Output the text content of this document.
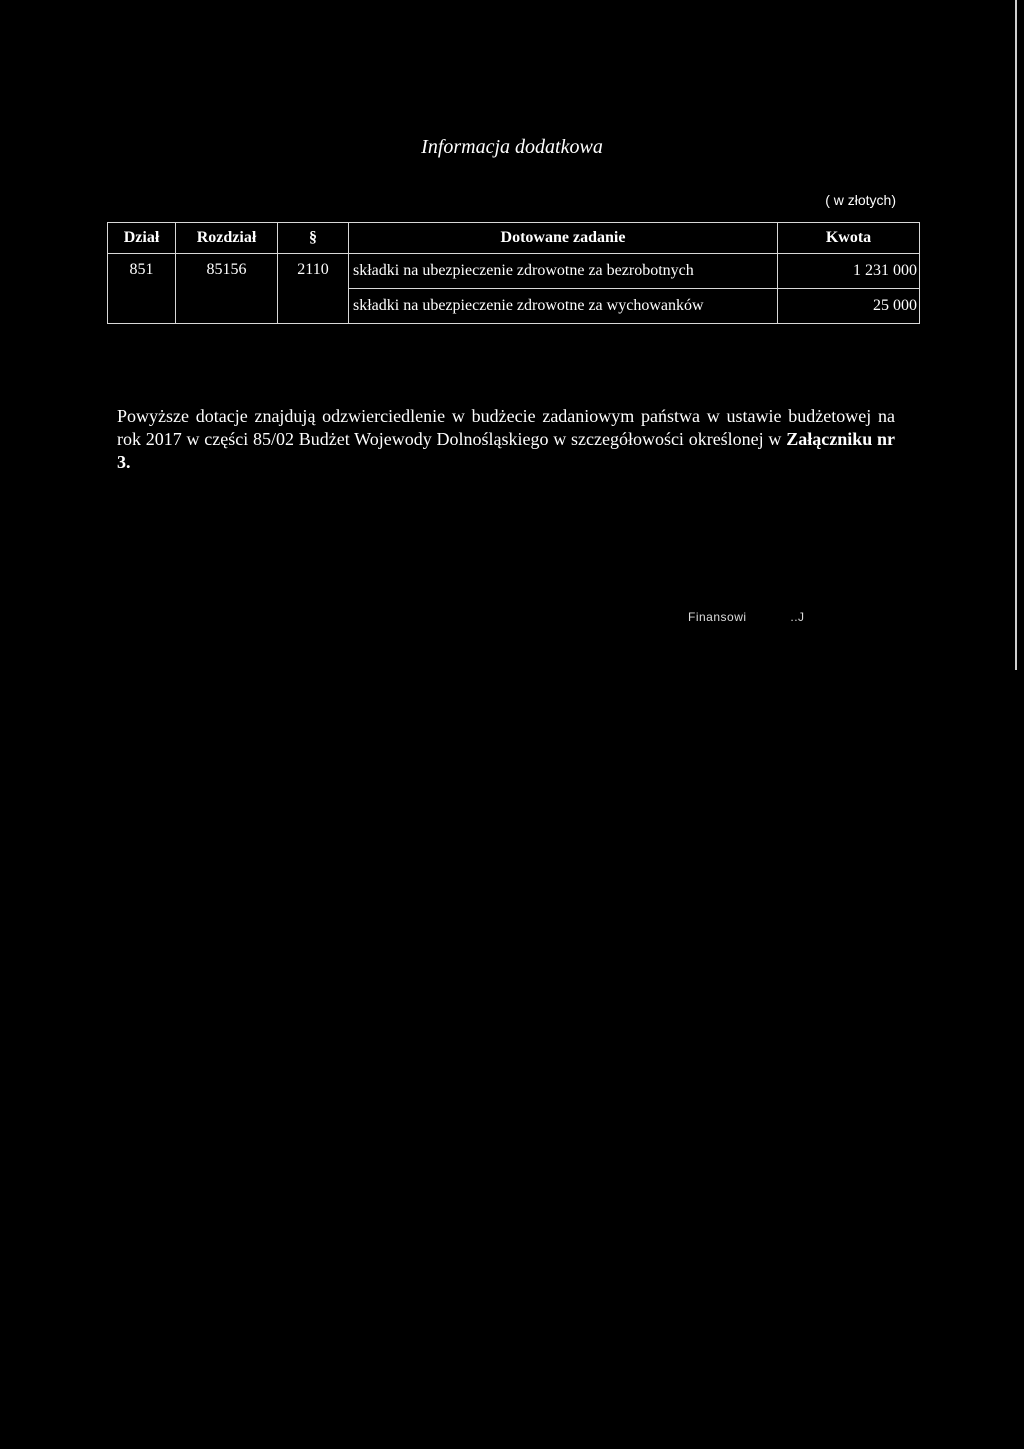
Informacja dodatkowa
( w złotych)
Dział	Rozdział	§	Dotowane zadanie	Kwota
851	85156	2110	składki na ubezpieczenie zdrowotne za bezrobotnych	1 231 000
			składki na ubezpieczenie zdrowotne za wychowanków	25 000
Powyższe dotacje znajdują odzwierciedlenie w budżecie zadaniowym państwa w ustawie budżetowej na rok 2017 w części 85/02 Budżet Wojewody Dolnośląskiego w szczegółowości określonej w Załączniku nr 3.
Finansowi	..J
